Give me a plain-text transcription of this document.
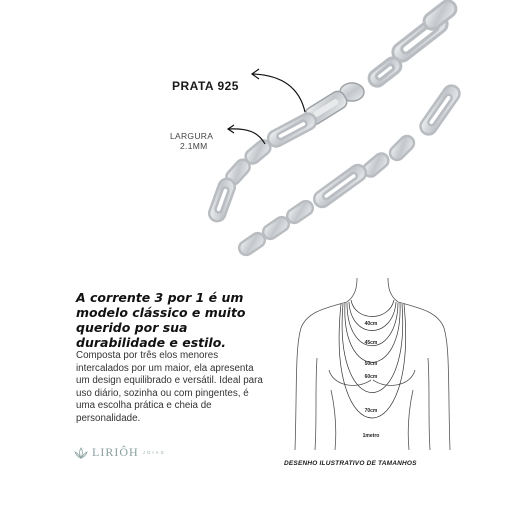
PRATA 925
LARGURA
2.1MM
A corrente 3 por 1 é um modelo clássico e muito querido por sua durabilidade e estilo.
Composta por três elos menores intercalados por um maior, ela apresenta um design equilibrado e versátil. Ideal para uso diário, sozinha ou com pingentes, é uma escolha prática e cheia de personalidade.
LIRIÔH JOIAS
40cm
45cm
50cm
60cm
70cm
1metro
DESENHO ILUSTRATIVO DE TAMANHOS
